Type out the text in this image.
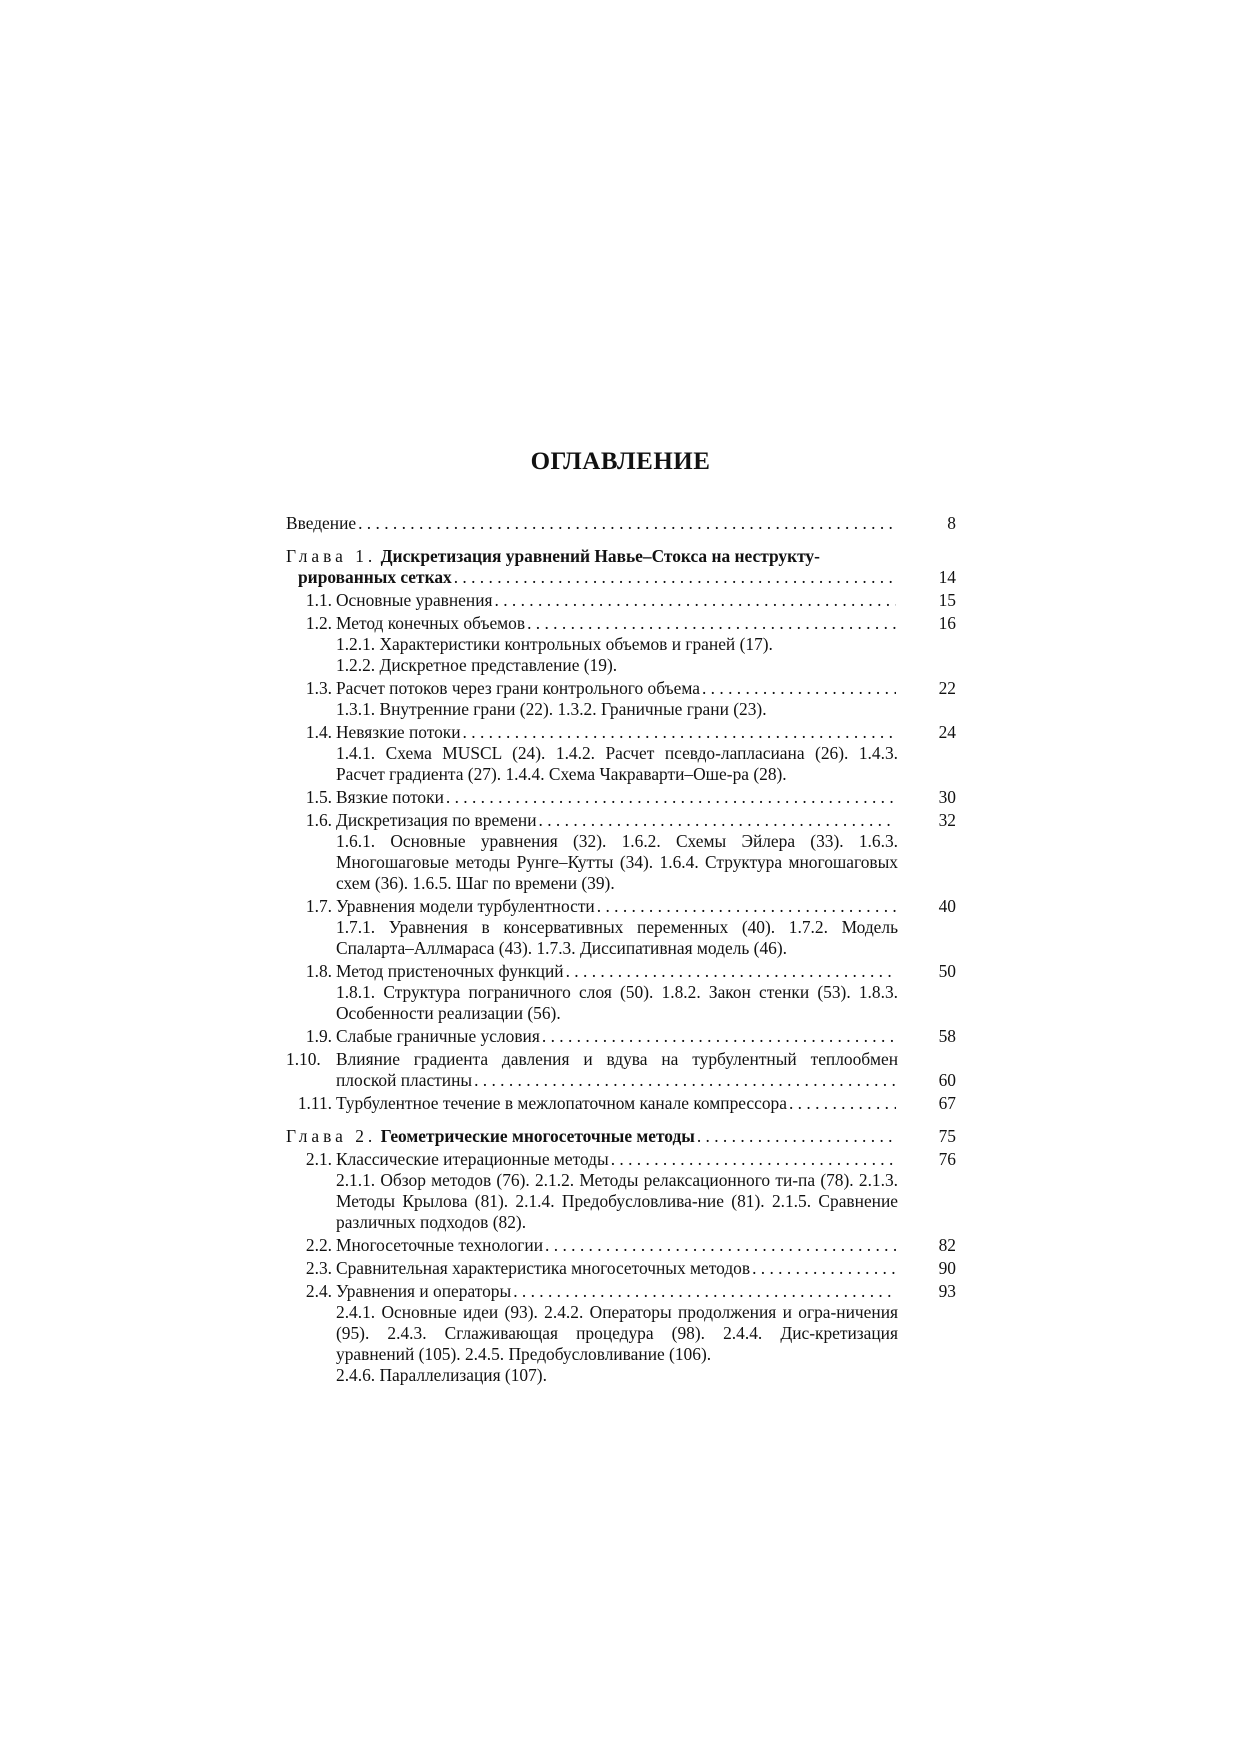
ОГЛАВЛЕНИЕ
Введение . . .	8
Глава 1. Дискретизация уравнений Навье–Стокса на неструкту-
рированных сетках . . .	14
1.1. Основные уравнения . . .	15
1.2. Метод конечных объемов . . .	16
1.2.1. Характеристики контрольных объемов и граней (17).
1.2.2. Дискретное представление (19).
1.3. Расчет потоков через грани контрольного объема . . .	22
1.3.1. Внутренние грани (22). 1.3.2. Граничные грани (23).
1.4. Невязкие потоки . . .	24
1.4.1. Схема MUSCL (24). 1.4.2. Расчет псевдо-лапласиана (26). 1.4.3. Расчет градиента (27). 1.4.4. Схема Чакраварти–Оше-ра (28).
1.5. Вязкие потоки . . .	30
1.6. Дискретизация по времени . . .	32
1.6.1. Основные уравнения (32). 1.6.2. Схемы Эйлера (33). 1.6.3. Многошаговые методы Рунге–Кутты (34). 1.6.4. Структура многошаговых схем (36). 1.6.5. Шаг по времени (39).
1.7. Уравнения модели турбулентности . . .	40
1.7.1. Уравнения в консервативных переменных (40). 1.7.2. Модель Спаларта–Аллмараса (43). 1.7.3. Диссипативная модель (46).
1.8. Метод пристеночных функций . . .	50
1.8.1. Структура пограничного слоя (50). 1.8.2. Закон стенки (53). 1.8.3. Особенности реализации (56).
1.9. Слабые граничные условия . . .	58
1.10. Влияние градиента давления и вдува на турбулентный теплообмен
плоской пластины . . .	60
1.11. Турбулентное течение в межлопаточном канале компрессора . . .	67
Глава 2. Геометрические многосеточные методы . . .	75
2.1. Классические итерационные методы . . .	76
2.1.1. Обзор методов (76). 2.1.2. Методы релаксационного ти-па (78). 2.1.3. Методы Крылова (81). 2.1.4. Предобусловлива-ние (81). 2.1.5. Сравнение различных подходов (82).
2.2. Многосеточные технологии . . .	82
2.3. Сравнительная характеристика многосеточных методов . . .	90
2.4. Уравнения и операторы . . .	93
2.4.1. Основные идеи (93). 2.4.2. Операторы продолжения и огра-ничения (95). 2.4.3. Сглаживающая процедура (98). 2.4.4. Дис-кретизация уравнений (105). 2.4.5. Предобусловливание (106).
2.4.6. Параллелизация (107).
